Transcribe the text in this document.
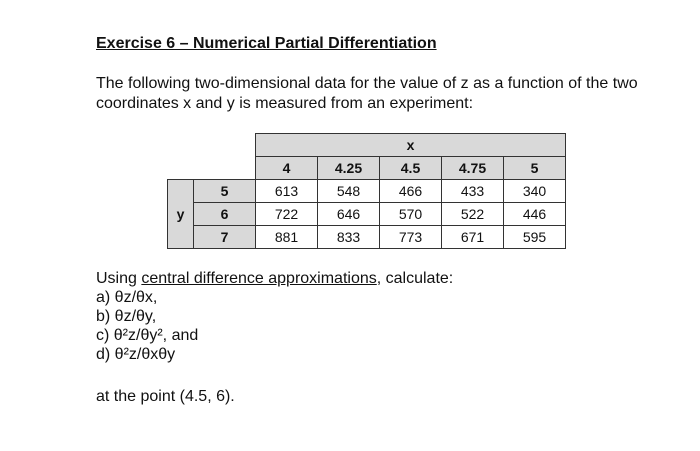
Exercise 6 – Numerical Partial Differentiation
The following two-dimensional data for the value of z as a function of the two
coordinates x and y is measured from an experiment:
		x				
		4	4.25	4.5	4.75	5
y	5	613	548	466	433	340
	6	722	646	570	522	446
	7	881	833	773	671	595
Using central difference approximations, calculate:
a) θz/θx,
b) θz/θy,
c) θ²z/θy², and
d) θ²z/θxθy
at the point (4.5, 6).
